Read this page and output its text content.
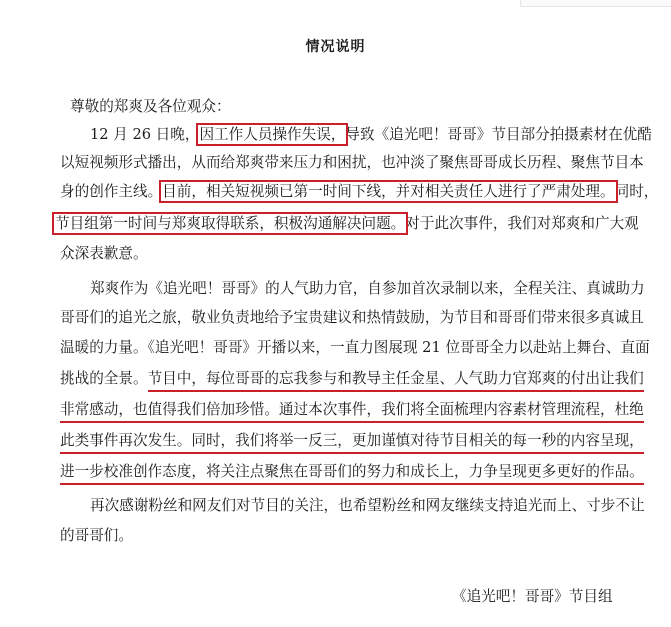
情况说明
尊敬的郑爽及各位观众：
12 月 26 日晚，因工作人员操作失误，导致《追光吧！哥哥》节目部分拍摄素材在优酷
以短视频形式播出，从而给郑爽带来压力和困扰，也冲淡了聚焦哥哥成长历程、聚焦节目本
身的创作主线。目前，相关短视频已第一时间下线，并对相关责任人进行了严肃处理。同时，
节目组第一时间与郑爽取得联系，积极沟通解决问题。对于此次事件，我们对郑爽和广大观
众深表歉意。
郑爽作为《追光吧！哥哥》的人气助力官，自参加首次录制以来，全程关注、真诚助力
哥哥们的追光之旅，敬业负责地给予宝贵建议和热情鼓励，为节目和哥哥们带来很多真诚且
温暖的力量。《追光吧！哥哥》开播以来，一直力图展现 21 位哥哥全力以赴站上舞台、直面
挑战的全景。节目中，每位哥哥的忘我参与和教导主任金星、人气助力官郑爽的付出让我们
非常感动，也值得我们倍加珍惜。通过本次事件，我们将全面梳理内容素材管理流程，杜绝
此类事件再次发生。同时，我们将举一反三，更加谨慎对待节目相关的每一秒的内容呈现，
进一步校准创作态度，将关注点聚焦在哥哥们的努力和成长上，力争呈现更多更好的作品。
再次感谢粉丝和网友们对节目的关注，也希望粉丝和网友继续支持追光而上、寸步不让
的哥哥们。
《追光吧！哥哥》节目组
